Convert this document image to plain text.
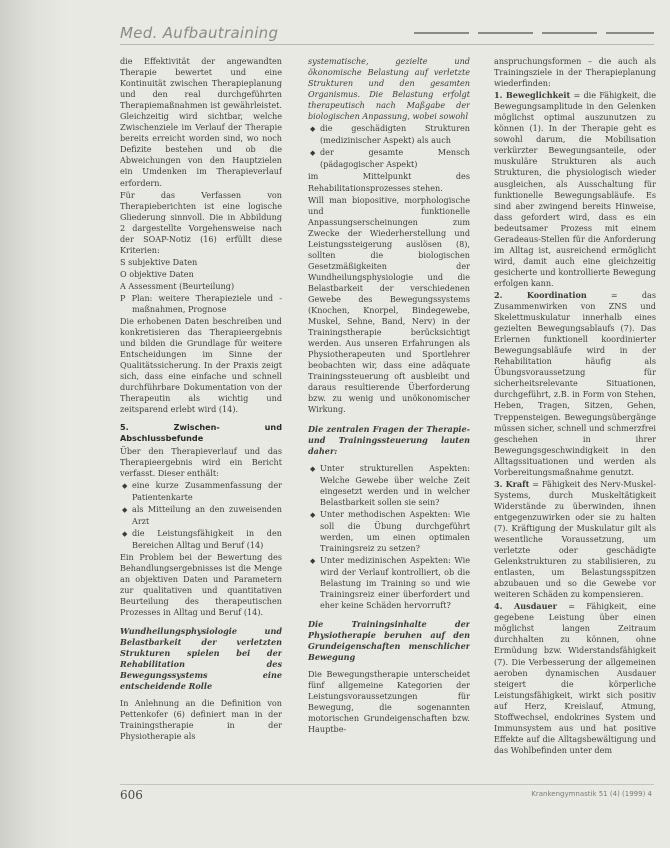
Med. Aufbautraining

die Effektivität der angewandten Therapie bewertet und eine Kontinuität zwischen Therapieplanung und den real durchgeführten Therapiemaßnahmen ist gewährleistet. Gleichzeitig wird sichtbar, welche Zwischenziele im Verlauf der Therapie bereits erreicht worden sind, wo noch Defizite bestehen und ob die Abweichungen von den Hauptzielen ein Umdenken im Therapieverlauf erfordern.

Für das Verfassen von Therapieberichten ist eine logische Gliederung sinnvoll. Die in Abbildung 2 dargestellte Vorgehensweise nach der SOAP-Notiz (16) erfüllt diese Kriterien:

S subjektive Daten
O objektive Daten
A Assessment (Beurteilung)
P Plan: weitere Therapieziele und -maßnahmen, Prognose

Die erhobenen Daten beschreiben und konkretisieren das Therapieergebnis und bilden die Grundlage für weitere Entscheidungen im Sinne der Qualitätssicherung. In der Praxis zeigt sich, dass eine einfache und schnell durchführbare Dokumentation von der Therapeutin als wichtig und zeitsparend erlebt wird (14).

5. Zwischen- und Abschlussbefunde

Über den Therapieverlauf und das Therapieergebnis wird ein Bericht verfasst. Dieser enthält:

◆ eine kurze Zusammenfassung der Patientenkarte
◆ als Mitteilung an den zuweisenden Arzt
◆ die Leistungsfähigkeit in den Bereichen Alltag und Beruf (14)

Ein Problem bei der Bewertung des Behandlungsergebnisses ist die Menge an objektiven Daten und Parametern zur qualitativen und quantitativen Beurteilung des therapeutischen Prozesses in Alltag und Beruf (14).

Wundheilungsphysiologie und Belastbarkeit der verletzten Strukturen spielen bei der Rehabilitation des Bewegungssystems eine entscheidende Rolle

In Anlehnung an die Definition von Pettenkofer (6) definiert man in der Trainingstherapie in der Physiotherapie als

systematische, gezielte und ökonomische Belastung auf verletzte Strukturen und den gesamten Organismus. Die Belastung erfolgt therapeutisch nach Maßgabe der biologischen Anpassung, wobei sowohl

◆ die geschädigten Strukturen (medizinischer Aspekt) als auch
◆ der gesamte Mensch (pädagogischer Aspekt)

im Mittelpunkt des Rehabilitationsprozesses stehen.

Will man biopositive, morphologische und funktionelle Anpassungserscheinungen zum Zwecke der Wiederherstellung und Leistungssteigerung auslösen (8), sollten die biologischen Gesetzmäßigkeiten der Wundheilungsphysiologie und die Belastbarkeit der verschiedenen Gewebe des Bewegungssystems (Knochen, Knorpel, Bindegewebe, Muskel, Sehne, Band, Nerv) in der Trainingstherapie berücksichtigt werden. Aus unseren Erfahrungen als Physiotherapeuten und Sportlehrer beobachten wir, dass eine adäquate Trainingssteuerung oft ausbleibt und daraus resultierende Überforderung bzw. zu wenig und unökonomischer Wirkung.

Die zentralen Fragen der Therapie- und Trainingssteuerung lauten daher:
◆ Unter strukturellen Aspekten: Welche Gewebe über welche Zeit eingesetzt werden und in welcher Belastbarkeit sollen sie sein?
◆ Unter methodischen Aspekten: Wie soll die Übung durchgeführt werden, um einen optimalen Trainingsreiz zu setzen?
◆ Unter medizinischen Aspekten: Wie wird der Verlauf kontrolliert, ob die Belastung im Training so und wie Trainingsreiz einer überfordert und eher keine Schäden hervorruft?
Die Trainingsinhalte der Physiotherapie beruhen auf den Grundeigenschaften menschlicher Bewegung

Die Bewegungstherapie unterscheidet fünf allgemeine Kategorien der Leistungsvoraussetzungen für Bewegung, die sogenannten motorischen Grundeigenschaften bzw. Hauptbe-

anspruchungsformen – die auch als Trainingsziele in der Therapieplanung wiederfinden:

1. Beweglichkeit = die Fähigkeit, die Bewegungsamplitude in den Gelenken möglichst optimal auszunutzen zu können (1). In der Therapie geht es sowohl darum, die Mobilisation verkürzter Bewegungsanteile, oder muskuläre Strukturen als auch Strukturen, die physiologisch wieder ausgleichen, als Ausschaltung für funktionelle Bewegungsabläufe. Es sind aber zwingend bereits Hinweise, dass gefordert wird, dass es ein bedeutsamer Prozess mit einem Geradeaus-Stellen für die Anforderung im Alltag ist, ausreichend ermöglicht wird, damit auch eine gleichzeitig gesicherte und kontrollierte Bewegung erfolgen kann.

2. Koordination = das Zusammenwirken von ZNS und Skelettmuskulatur innerhalb eines gezielten Bewegungsablaufs (7). Das Erlernen funktionell koordinierter Bewegungsabläufe wird in der Rehabilitation häufig als Übungsvoraussetzung für sicherheitsrelevante Situationen, durchgeführt, z.B. in Form von Stehen, Heben, Tragen, Sitzen, Gehen, Treppensteigen. Bewegungsübergänge müssen sicher, schnell und schmerzfrei geschehen in ihrer Bewegungsgeschwindigkeit in den Alltagssituationen und werden als Vorbereitungsmaßnahme genutzt.

3. Kraft = Fähigkeit des Nerv-Muskel-Systems, durch Muskeltätigkeit Widerstände zu überwinden, ihnen entgegenzuwirken oder sie zu halten (7). Kräftigung der Muskulatur gilt als wesentliche Voraussetzung, um verletzte oder geschädigte Gelenkstrukturen zu stabilisieren, zu entlasten, um Belastungsspitzen abzubauen und so die Gewebe vor weiteren Schäden zu kompensieren.

4. Ausdauer = Fähigkeit, eine gegebene Leistung über einen möglichst langen Zeitraum durchhalten zu können, ohne Ermüdung bzw. Widerstandsfähigkeit (7). Die Verbesserung der allgemeinen aeroben dynamischen Ausdauer steigert die körperliche Leistungsfähigkeit, wirkt sich positiv auf Herz, Kreislauf, Atmung, Stoffwechsel, endokrines System und Immunsystem aus und hat positive Effekte auf die Alltagsbewältigung und das Wohlbefinden unter dem

606	Krankengymnastik 51 (4) (1999) 4
